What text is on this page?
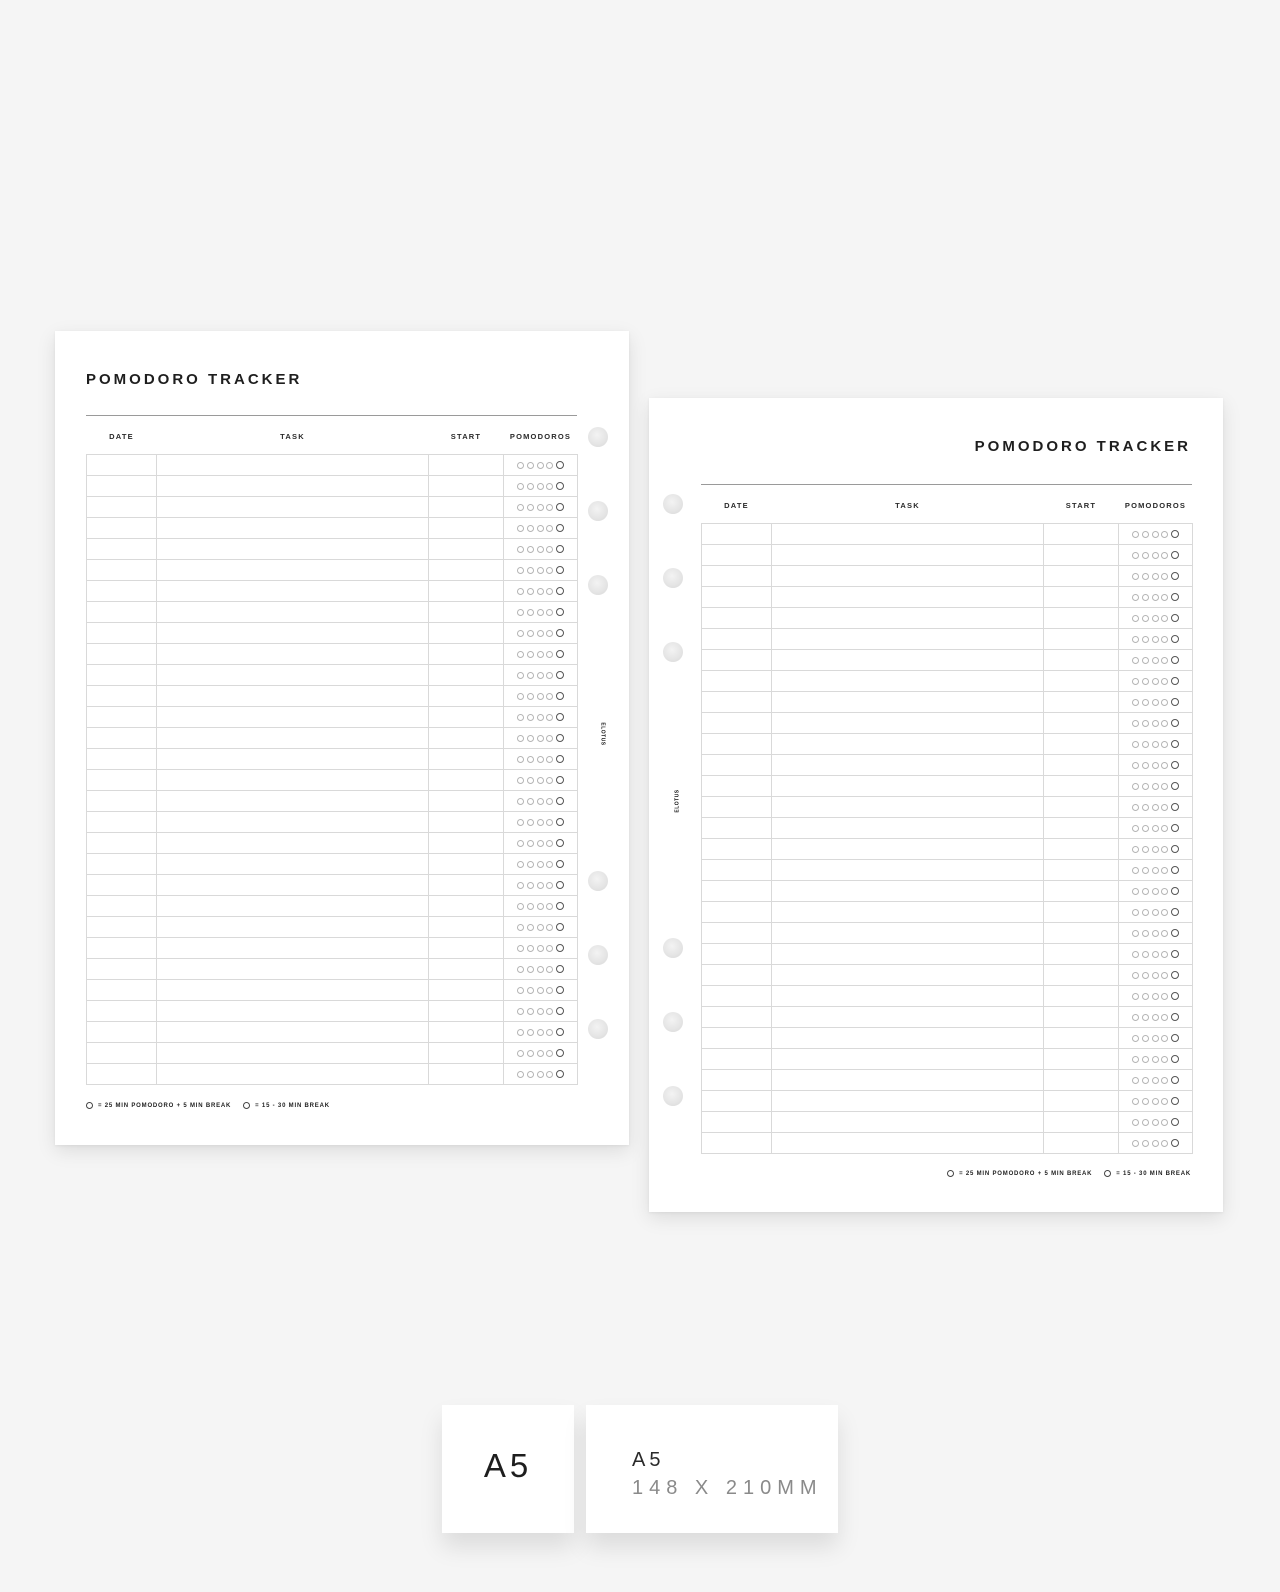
POMODORO TRACKER
DATE	TASK	START	POMODOROS

= 25 MIN POMODORO + 5 MIN BREAK	= 15 - 30 MIN BREAK
ELOTUS
POMODORO TRACKER
DATE	TASK	START	POMODOROS

= 25 MIN POMODORO + 5 MIN BREAK	= 15 - 30 MIN BREAK
ELOTUS
A5	A5
148 X 210MM
